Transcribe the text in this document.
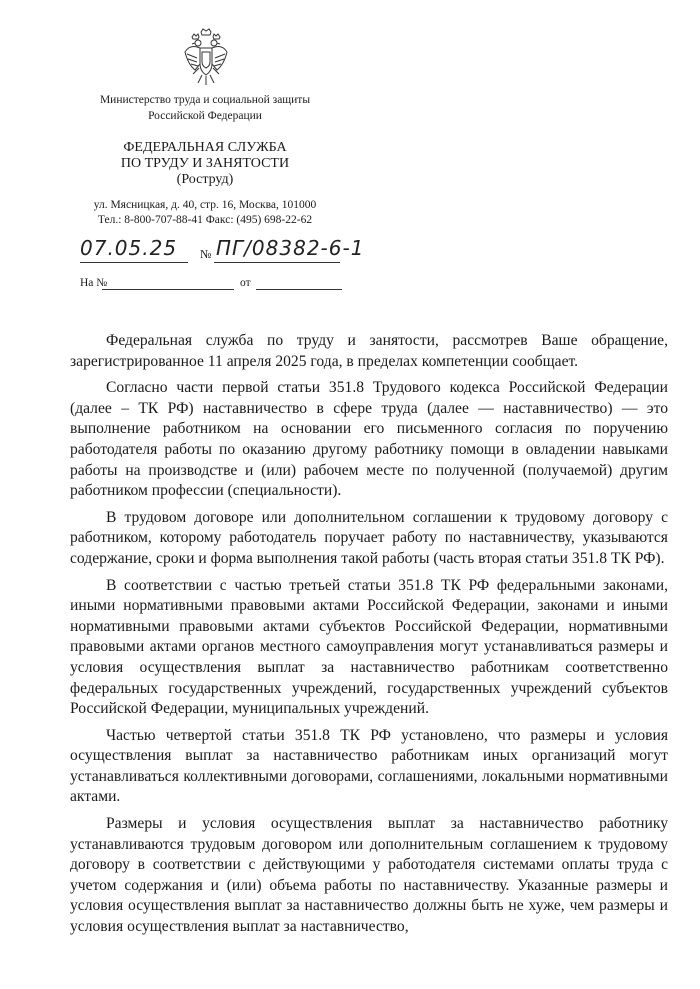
Министерство труда и социальной защиты
Российской Федерации
ФЕДЕРАЛЬНАЯ СЛУЖБА
ПО ТРУДУ И ЗАНЯТОСТИ
(Роструд)
ул. Мясницкая, д. 40, стр. 16, Москва, 101000
Тел.: 8-800-707-88-41 Факс: (495) 698-22-62
07.05.25 № ПГ/08382-6-1
На №	от

Федеральная служба по труду и занятости, рассмотрев Ваше обращение, зарегистрированное 11 апреля 2025 года, в пределах компетенции сообщает.

Согласно части первой статьи 351.8 Трудового кодекса Российской Федерации (далее – ТК РФ) наставничество в сфере труда (далее — наставничество) — это выполнение работником на основании его письменного согласия по поручению работодателя работы по оказанию другому работнику помощи в овладении навыками работы на производстве и (или) рабочем месте по полученной (получаемой) другим работником профессии (специальности).

В трудовом договоре или дополнительном соглашении к трудовому договору с работником, которому работодатель поручает работу по наставничеству, указываются содержание, сроки и форма выполнения такой работы (часть вторая статьи 351.8 ТК РФ).

В соответствии с частью третьей статьи 351.8 ТК РФ федеральными законами, иными нормативными правовыми актами Российской Федерации, законами и иными нормативными правовыми актами субъектов Российской Федерации, нормативными правовыми актами органов местного самоуправления могут устанавливаться размеры и условия осуществления выплат за наставничество работникам соответственно федеральных государственных учреждений, государственных учреждений субъектов Российской Федерации, муниципальных учреждений.

Частью четвертой статьи 351.8 ТК РФ установлено, что размеры и условия осуществления выплат за наставничество работникам иных организаций могут устанавливаться коллективными договорами, соглашениями, локальными нормативными актами.

Размеры и условия осуществления выплат за наставничество работнику устанавливаются трудовым договором или дополнительным соглашением к трудовому договору в соответствии с действующими у работодателя системами оплаты труда с учетом содержания и (или) объема работы по наставничеству. Указанные размеры и условия осуществления выплат за наставничество должны быть не хуже, чем размеры и условия осуществления выплат за наставничество,
